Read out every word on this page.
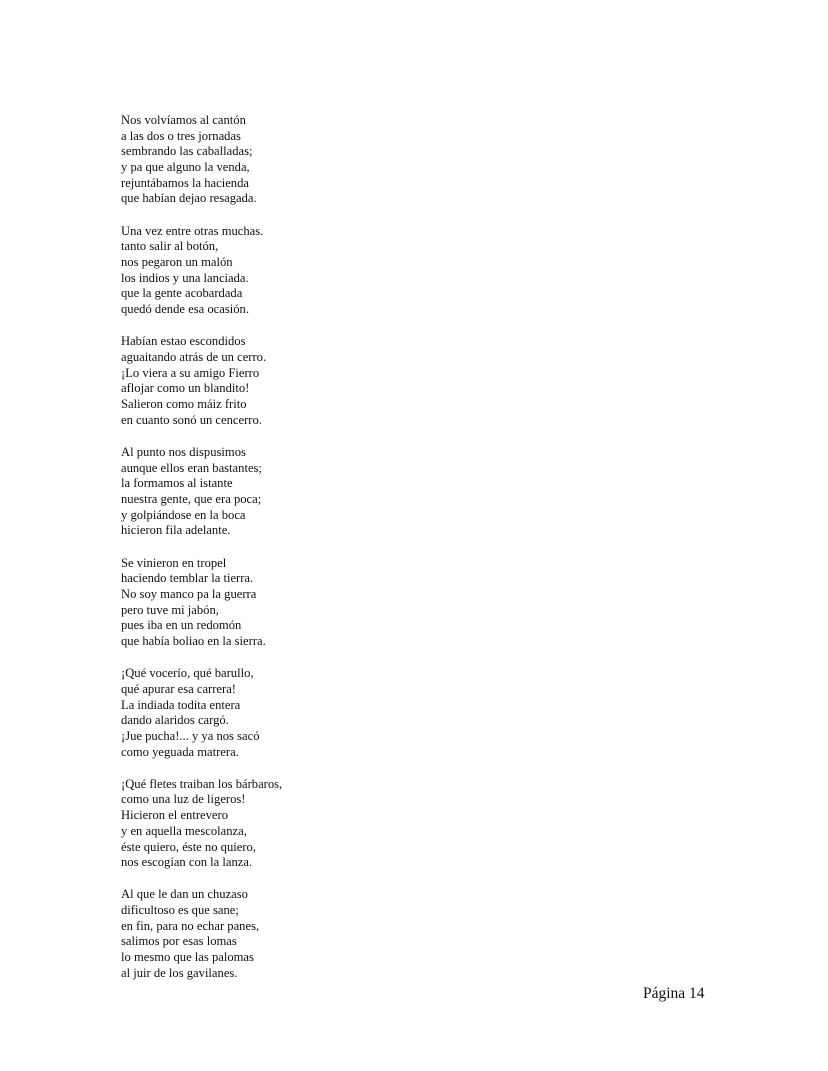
Nos volvíamos al cantón
a las dos o tres jornadas
sembrando las caballadas;
y pa que alguno la venda,
rejuntábamos la hacienda
que habían dejao resagada.
Una vez entre otras muchas.
tanto salir al botón,
nos pegaron un malón
los indios y una lanciada.
que la gente acobardada
quedó dende esa ocasión.
Habían estao escondidos
aguaitando atrás de un cerro.
¡Lo viera a su amigo Fierro
aflojar como un blandito!
Salieron como máiz frito
en cuanto sonó un cencerro.
Al punto nos dispusimos
aunque ellos eran bastantes;
la formamos al istante
nuestra gente, que era poca;
y golpiándose en la boca
hicieron fila adelante.
Se vinieron en tropel
haciendo temblar la tierra.
No soy manco pa la guerra
pero tuve mi jabón,
pues iba en un redomón
que había boliao en la sierra.
¡Qué vocerío, qué barullo,
qué apurar esa carrera!
La indiada todita entera
dando alaridos cargó.
¡Jue pucha!... y ya nos sacó
como yeguada matrera.
¡Qué fletes traiban los bárbaros,
como una luz de ligeros!
Hicieron el entrevero
y en aquella mescolanza,
éste quiero, éste no quiero,
nos escogían con la lanza.
Al que le dan un chuzaso
dificultoso es que sane;
en fin, para no echar panes,
salimos por esas lomas
lo mesmo que las palomas
al juir de los gavilanes.
Página 14
